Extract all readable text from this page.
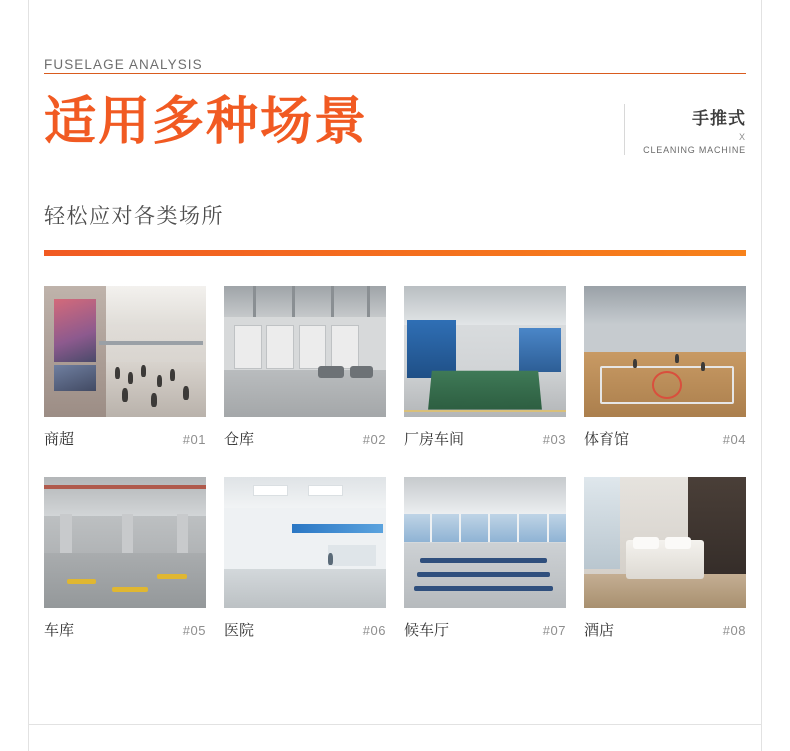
FUSELAGE ANALYSIS
适用多种场景	手推式
X
CLEANING MACHINE
轻松应对各类场所
商超	#01 仓库	#02 厂房车间	#03 体育馆	#04
车库	#05 医院	#06 候车厅	#07 酒店	#08
